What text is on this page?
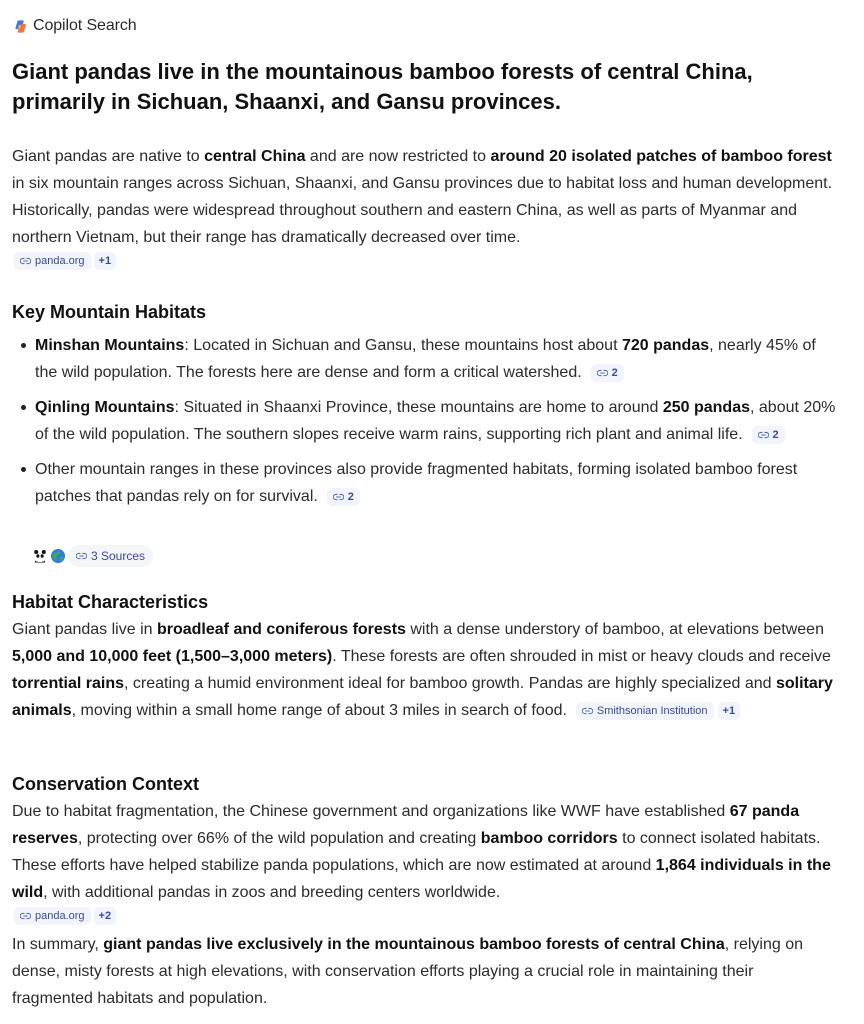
Copilot Search
Giant pandas live in the mountainous bamboo forests of central China, primarily in Sichuan, Shaanxi, and Gansu provinces.

Giant pandas are native to central China and are now restricted to around 20 isolated patches of bamboo forest in six mountain ranges across Sichuan, Shaanxi, and Gansu provinces due to habitat loss and human development. Historically, pandas were widespread throughout southern and eastern China, as well as parts of Myanmar and northern Vietnam, but their range has dramatically decreased over time.

panda.org	+1
Key Mountain Habitats
Minshan Mountains: Located in Sichuan and Gansu, these mountains host about 720 pandas, nearly 45% of the wild population. The forests here are dense and form a critical watershed.	2
Qinling Mountains: Situated in Shaanxi Province, these mountains are home to around 250 pandas, about 20% of the wild population. The southern slopes receive warm rains, supporting rich plant and animal life.	2
Other mountain ranges in these provinces also provide fragmented habitats, forming isolated bamboo forest patches that pandas rely on for survival.	2
3 Sources
Habitat Characteristics

Giant pandas live in broadleaf and coniferous forests with a dense understory of bamboo, at elevations between 5,000 and 10,000 feet (1,500–3,000 meters). These forests are often shrouded in mist or heavy clouds and receive torrential rains, creating a humid environment ideal for bamboo growth. Pandas are highly specialized and solitary animals, moving within a small home range of about 3 miles in search of food.	Smithsonian Institution	+1

Conservation Context

Due to habitat fragmentation, the Chinese government and organizations like WWF have established 67 panda reserves, protecting over 66% of the wild population and creating bamboo corridors to connect isolated habitats. These efforts have helped stabilize panda populations, which are now estimated at around 1,864 individuals in the wild, with additional pandas in zoos and breeding centers worldwide.

panda.org	+2

In summary, giant pandas live exclusively in the mountainous bamboo forests of central China, relying on dense, misty forests at high elevations, with conservation efforts playing a crucial role in maintaining their fragmented habitats and population.
